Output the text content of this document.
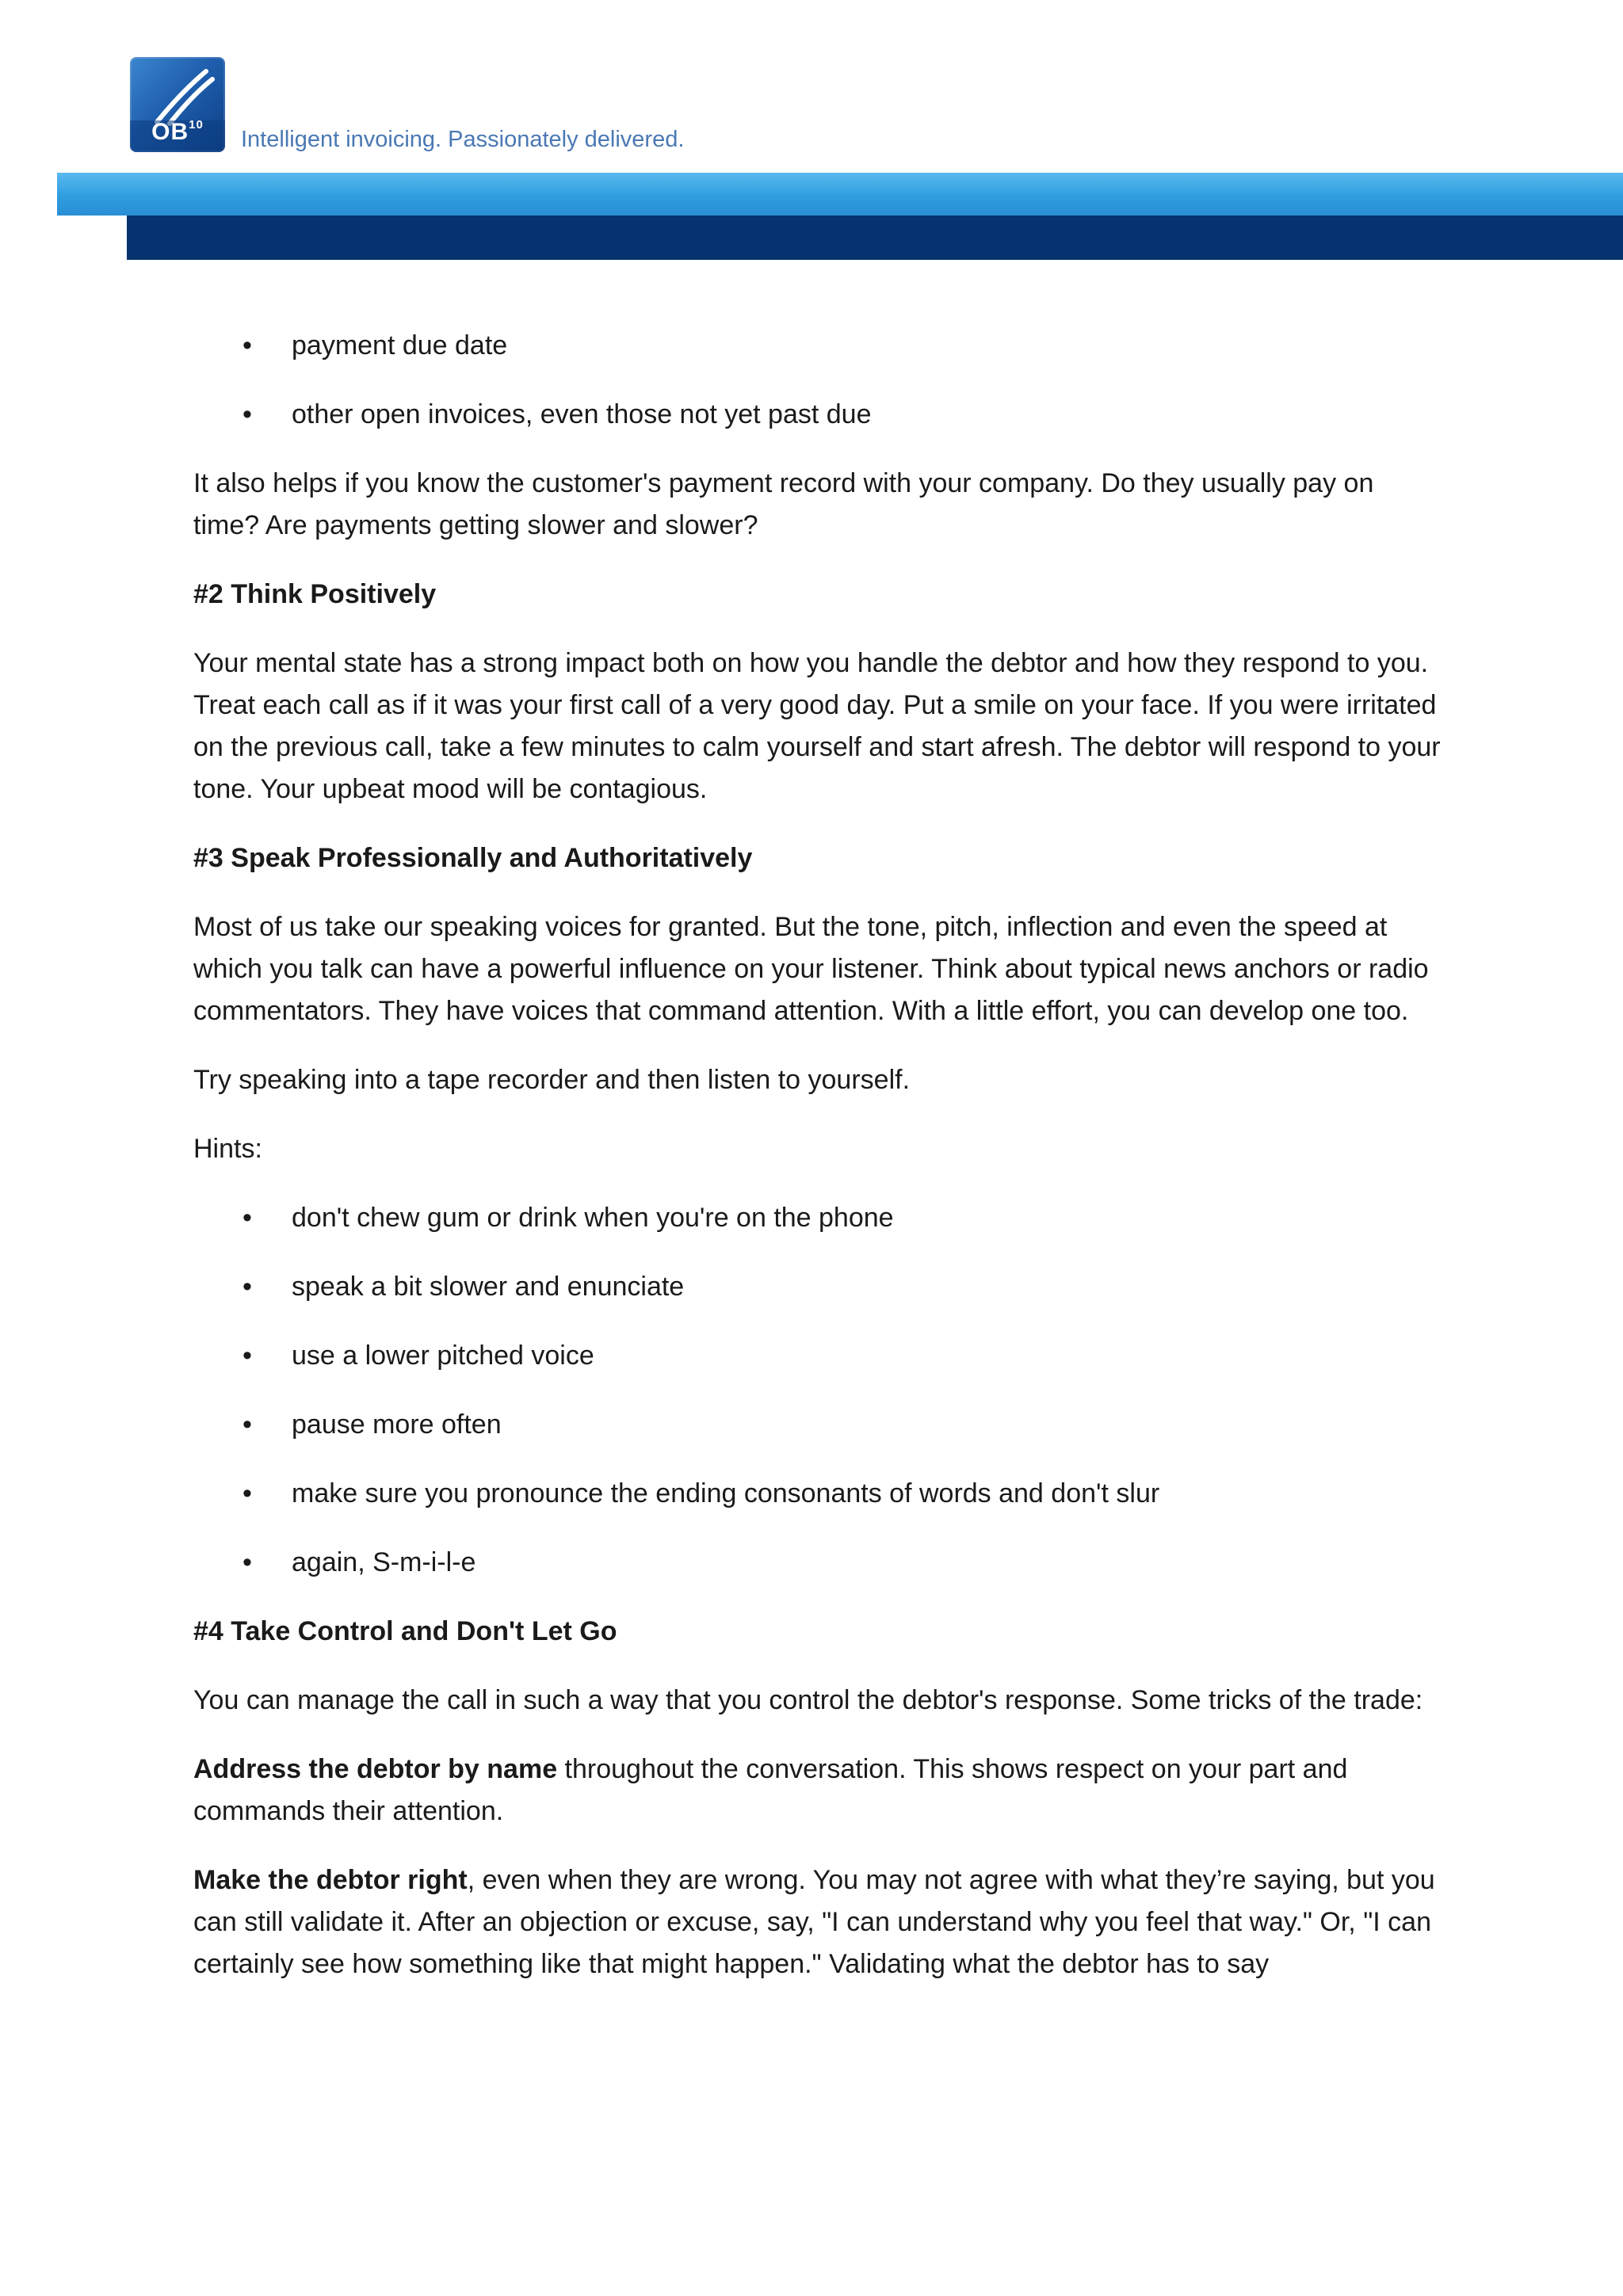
OB$^{10}$
Intelligent invoicing. Passionately delivered.
• payment due date
• other open invoices, even those not yet past due

It also helps if you know the customer's payment record with your company. Do they usually pay on time? Are payments getting slower and slower?

#2 Think Positively

Your mental state has a strong impact both on how you handle the debtor and how they respond to you. Treat each call as if it was your first call of a very good day. Put a smile on your face. If you were irritated on the previous call, take a few minutes to calm yourself and start afresh. The debtor will respond to your tone. Your upbeat mood will be contagious.

#3 Speak Professionally and Authoritatively

Most of us take our speaking voices for granted. But the tone, pitch, inflection and even the speed at which you talk can have a powerful influence on your listener. Think about typical news anchors or radio commentators. They have voices that command attention. With a little effort, you can develop one too.

Try speaking into a tape recorder and then listen to yourself.

Hints:

• don't chew gum or drink when you're on the phone
• speak a bit slower and enunciate
• use a lower pitched voice
• pause more often
• make sure you pronounce the ending consonants of words and don't slur
• again, S-m-i-l-e
#4 Take Control and Don't Let Go

You can manage the call in such a way that you control the debtor's response. Some tricks of the trade:

Address the debtor by name throughout the conversation. This shows respect on your part and commands their attention.

Make the debtor right, even when they are wrong. You may not agree with what they’re saying, but you can still validate it. After an objection or excuse, say, "I can understand why you feel that way." Or, "I can certainly see how something like that might happen." Validating what the debtor has to say
